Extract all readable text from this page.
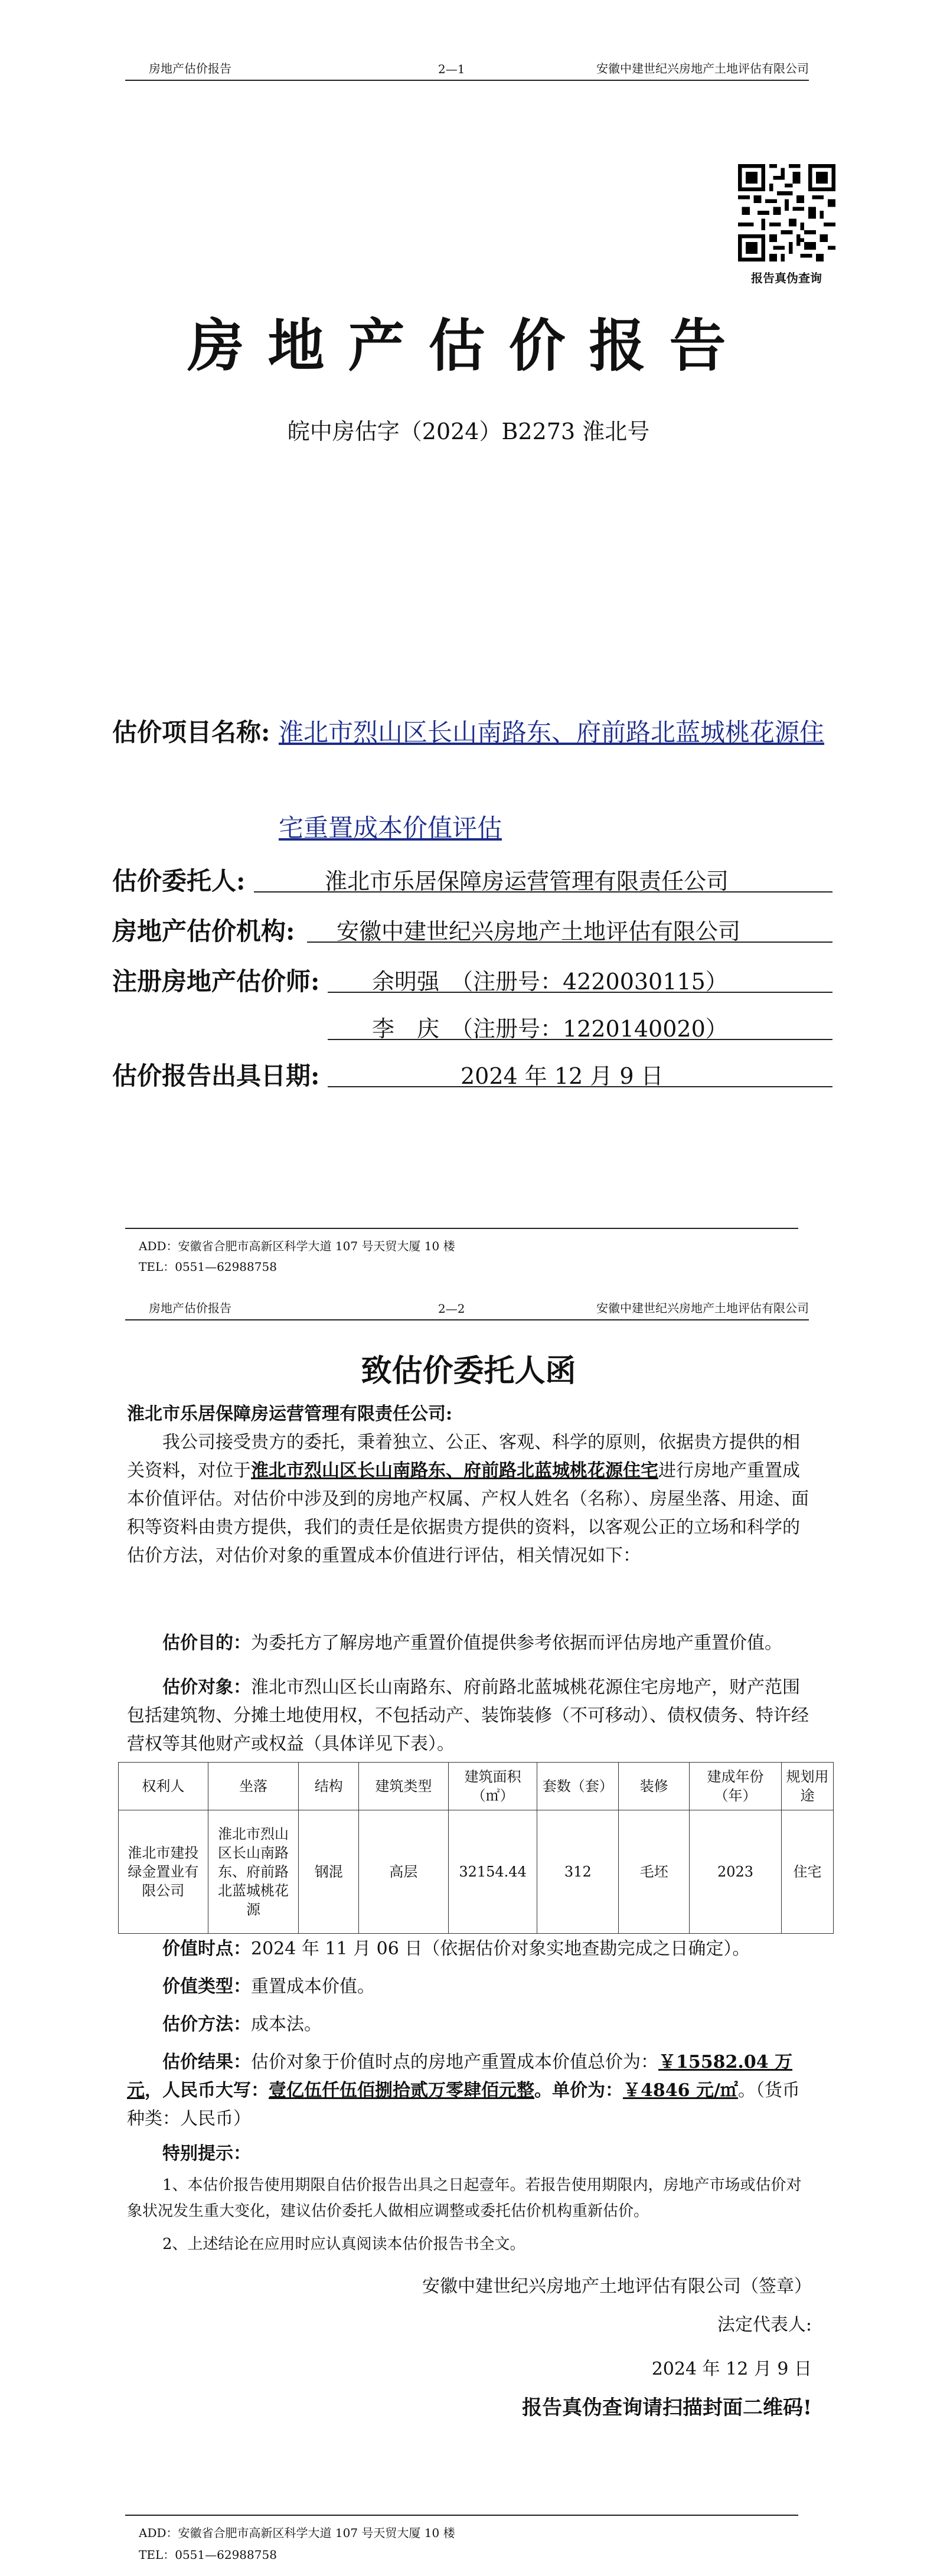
房地产估价报告	2—1	安徽中建世纪兴房地产土地评估有限公司
报告真伪查询
房地产估价报告
皖中房估字（2024）B2273 淮北号
估价项目名称: 淮北市烈山区长山南路东、府前路北蓝城桃花源住
宅重置成本价值评估
估价委托人:	淮北市乐居保障房运营管理有限责任公司
房地产估价机构: 安徽中建世纪兴房地产土地评估有限公司
注册房地产估价师: 余明强　（注册号：4220030115）
李　庆　（注册号：1220140020）
估价报告出具日期:	2024 年 12 月 9 日
ADD：安徽省合肥市高新区科学大道 107 号天贸大厦 10 楼
TEL：0551—62988758
房地产估价报告	2—2	安徽中建世纪兴房地产土地评估有限公司
致估价委托人函
淮北市乐居保障房运营管理有限责任公司:
我公司接受贵方的委托，秉着独立、公正、客观、科学的原则，依据贵方提供的相关资料，对位于淮北市烈山区长山南路东、府前路北蓝城桃花源住宅进行房地产重置成本价值评估。对估价中涉及到的房地产权属、产权人姓名（名称）、房屋坐落、用途、面积等资料由贵方提供，我们的责任是依据贵方提供的资料，以客观公正的立场和科学的估价方法，对估价对象的重置成本价值进行评估，相关情况如下：
估价目的：为委托方了解房地产重置价值提供参考依据而评估房地产重置价值。
估价对象：淮北市烈山区长山南路东、府前路北蓝城桃花源住宅房地产，财产范围包括建筑物、分摊土地使用权，不包括动产、装饰装修（不可移动）、债权债务、特许经营权等其他财产或权益（具体详见下表）。
权利人	坐落	结构	建筑类型	建筑面积（㎡）	套数（套）	装修	建成年份（年）	规划用途
淮北市建投绿金置业有限公司	淮北市烈山区长山南路东、府前路北蓝城桃花源	钢混	高层	32154.44	312	毛坯	2023	住宅
价值时点：2024 年 11 月 06 日（依据估价对象实地查勘完成之日确定）。
价值类型：重置成本价值。
估价方法：成本法。
估价结果：估价对象于价值时点的房地产重置成本价值总价为：￥15582.04 万元，人民币大写：壹亿伍仟伍佰捌拾贰万零肆佰元整。单价为：￥4846 元/㎡。（货币种类：人民币）
特别提示：
1、本估价报告使用期限自估价报告出具之日起壹年。若报告使用期限内，房地产市场或估价对象状况发生重大变化，建议估价委托人做相应调整或委托估价机构重新估价。
2、上述结论在应用时应认真阅读本估价报告书全文。
安徽中建世纪兴房地产土地评估有限公司（签章）
法定代表人:
2024 年 12 月 9 日
报告真伪查询请扫描封面二维码!
ADD：安徽省合肥市高新区科学大道 107 号天贸大厦 10 楼
TEL：0551—62988758
